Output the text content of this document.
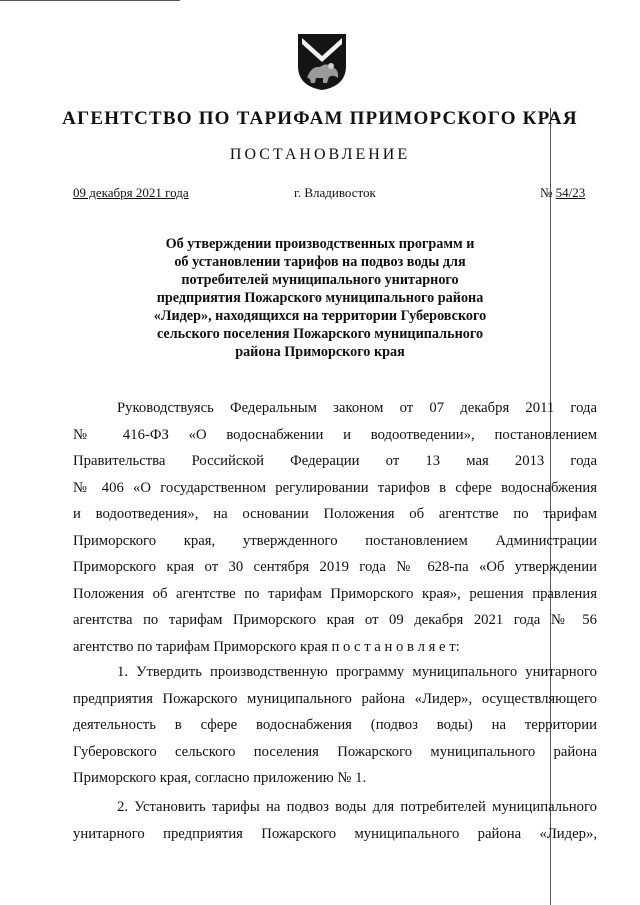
АГЕНТСТВО ПО ТАРИФАМ ПРИМОРСКОГО КРАЯ
ПОСТАНОВЛЕНИЕ
09 декабря 2021 года	г. Владивосток	№ 54/23
Об утверждении производственных программ и
об установлении тарифов на подвоз воды для
потребителей муниципального унитарного
предприятия Пожарского муниципального района
«Лидер», находящихся на территории Губеровского
сельского поселения Пожарского муниципального
района Приморского края
Руководствуясь Федеральным законом от 07 декабря 2011 года
№ 416-ФЗ «О водоснабжении и водоотведении», постановлением
Правительства Российской Федерации от 13 мая 2013 года
№ 406 «О государственном регулировании тарифов в сфере водоснабжения
и водоотведения», на основании Положения об агентстве по тарифам
Приморского края, утвержденного постановлением Администрации
Приморского края от 30 сентября 2019 года № 628-па «Об утверждении
Положения об агентстве по тарифам Приморского края», решения правления
агентства по тарифам Приморского края от 09 декабря 2021 года № 56
агентство по тарифам Приморского края п о с т а н о в л я е т:
1. Утвердить производственную программу муниципального унитарного
предприятия Пожарского муниципального района «Лидер», осуществляющего
деятельность в сфере водоснабжения (подвоз воды) на территории
Губеровского сельского поселения Пожарского муниципального района
Приморского края, согласно приложению № 1.
2. Установить тарифы на подвоз воды для потребителей муниципального
унитарного предприятия Пожарского муниципального района «Лидер»,
